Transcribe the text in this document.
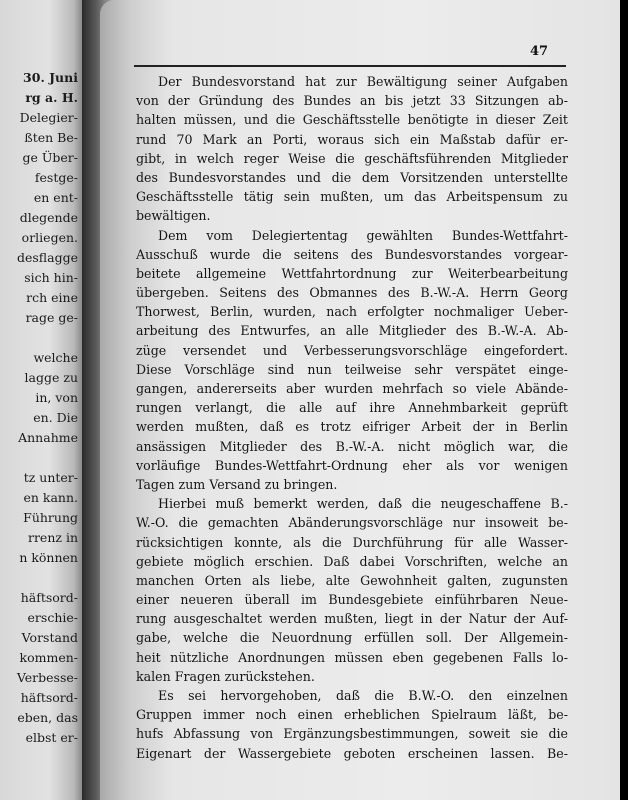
30. Juni
rg a. H.
Delegier-
ßten Be-
ge Über-
festge-
en ent-
dlegende
orliegen.
desflagge
sich hin-
rch eine
rage ge-
welche
lagge zu
in, von
en. Die
Annahme
tz unter-
en kann.
Führung
rrenz in
n können
häftsord-
erschie-
Vorstand
kommen-
Verbesse-
häftsord-
eben, das
elbst er-
47
Der Bundesvorstand hat zur Bewältigung seiner Aufgaben
von der Gründung des Bundes an bis jetzt 33 Sitzungen ab-
halten müssen, und die Geschäftsstelle benötigte in dieser Zeit
rund 70 Mark an Porti, woraus sich ein Maßstab dafür er-
gibt, in welch reger Weise die geschäftsführenden Mitglieder
des Bundesvorstandes und die dem Vorsitzenden unterstellte
Geschäftsstelle tätig sein mußten, um das Arbeitspensum zu
bewältigen.
Dem vom Delegiertentag gewählten Bundes-Wettfahrt-
Ausschuß wurde die seitens des Bundesvorstandes vorgear-
beitete allgemeine Wettfahrtordnung zur Weiterbearbeitung
übergeben. Seitens des Obmannes des B.-W.-A. Herrn Georg
Thorwest, Berlin, wurden, nach erfolgter nochmaliger Ueber-
arbeitung des Entwurfes, an alle Mitglieder des B.-W.-A. Ab-
züge versendet und Verbesserungsvorschläge eingefordert.
Diese Vorschläge sind nun teilweise sehr verspätet einge-
gangen, andererseits aber wurden mehrfach so viele Abände-
rungen verlangt, die alle auf ihre Annehmbarkeit geprüft
werden mußten, daß es trotz eifriger Arbeit der in Berlin
ansässigen Mitglieder des B.-W.-A. nicht möglich war, die
vorläufige Bundes-Wettfahrt-Ordnung eher als vor wenigen
Tagen zum Versand zu bringen.
Hierbei muß bemerkt werden, daß die neugeschaffene B.-
W.-O. die gemachten Abänderungsvorschläge nur insoweit be-
rücksichtigen konnte, als die Durchführung für alle Wasser-
gebiete möglich erschien. Daß dabei Vorschriften, welche an
manchen Orten als liebe, alte Gewohnheit galten, zugunsten
einer neueren überall im Bundesgebiete einführbaren Neue-
rung ausgeschaltet werden mußten, liegt in der Natur der Auf-
gabe, welche die Neuordnung erfüllen soll. Der Allgemein-
heit nützliche Anordnungen müssen eben gegebenen Falls lo-
kalen Fragen zurückstehen.
Es sei hervorgehoben, daß die B.W.-O. den einzelnen
Gruppen immer noch einen erheblichen Spielraum läßt, be-
hufs Abfassung von Ergänzungsbestimmungen, soweit sie die
Eigenart der Wassergebiete geboten erscheinen lassen. Be-
